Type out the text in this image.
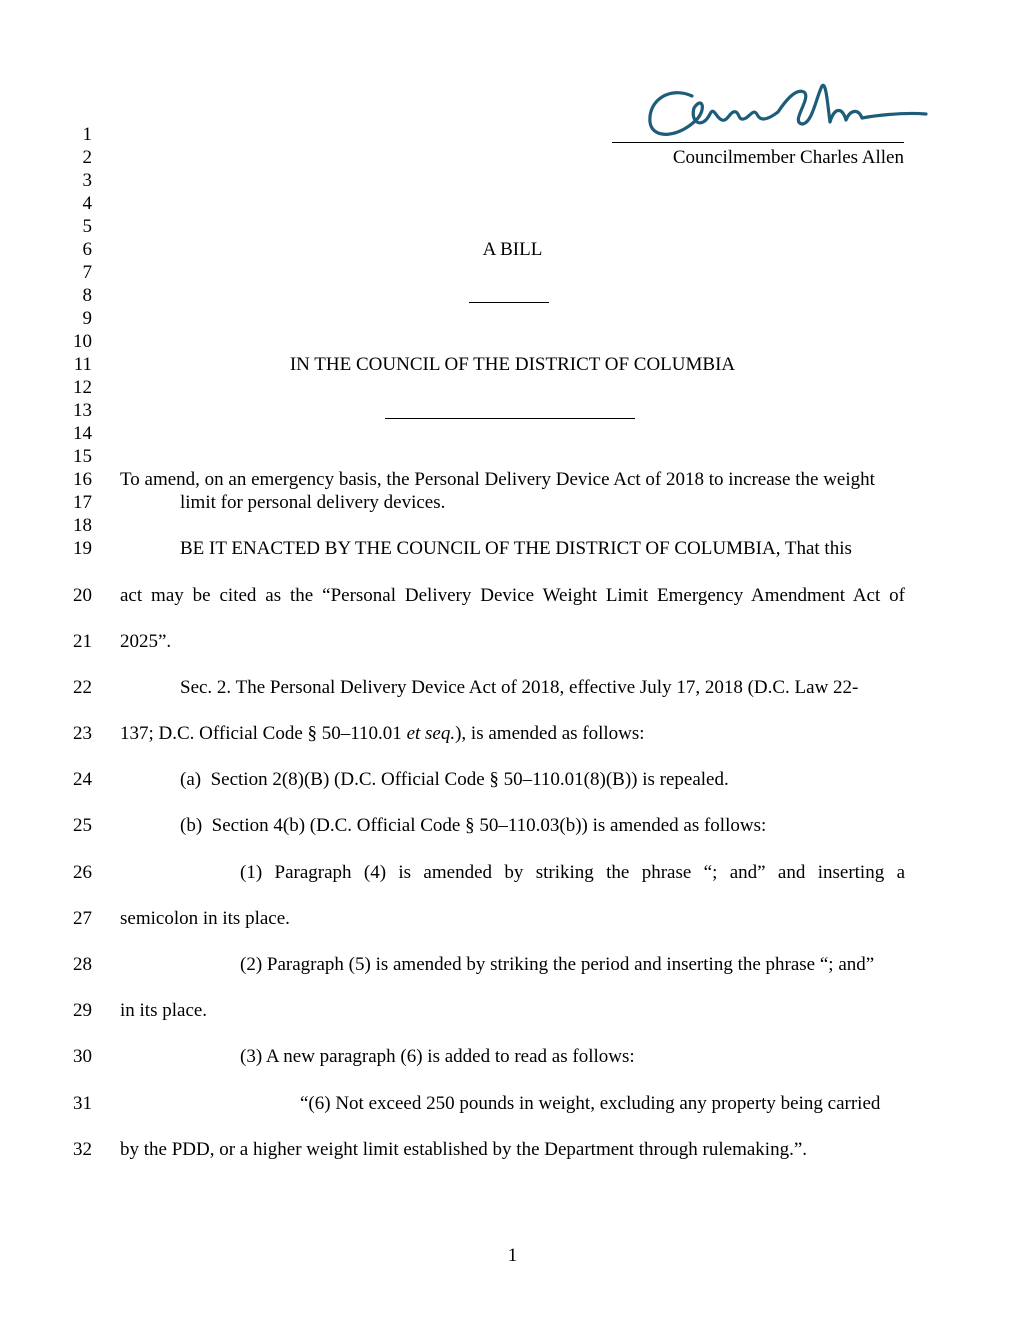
Councilmember Charles Allen
1
2
3
4
5
6
7
8
9
10
11
12
13
14
15
16
17
18
19
20
21
22
23
24
25
26
27
28
29
30
31
32
A BILL
IN THE COUNCIL OF THE DISTRICT OF COLUMBIA
To amend, on an emergency basis, the Personal Delivery Device Act of 2018 to increase the weight
limit for personal delivery devices.
BE IT ENACTED BY THE COUNCIL OF THE DISTRICT OF COLUMBIA, That this
act may be cited as the “Personal Delivery Device Weight Limit Emergency Amendment Act of
2025”.
Sec. 2. The Personal Delivery Device Act of 2018, effective July 17, 2018 (D.C. Law 22-
137; D.C. Official Code § 50–110.01 et seq.), is amended as follows:
(a)  Section 2(8)(B) (D.C. Official Code § 50–110.01(8)(B)) is repealed.
(b)  Section 4(b) (D.C. Official Code § 50–110.03(b)) is amended as follows:
(1) Paragraph (4) is amended by striking the phrase “; and” and inserting a
semicolon in its place.
(2) Paragraph (5) is amended by striking the period and inserting the phrase “; and”
in its place.
(3) A new paragraph (6) is added to read as follows:
“(6) Not exceed 250 pounds in weight, excluding any property being carried
by the PDD, or a higher weight limit established by the Department through rulemaking.”.
1
